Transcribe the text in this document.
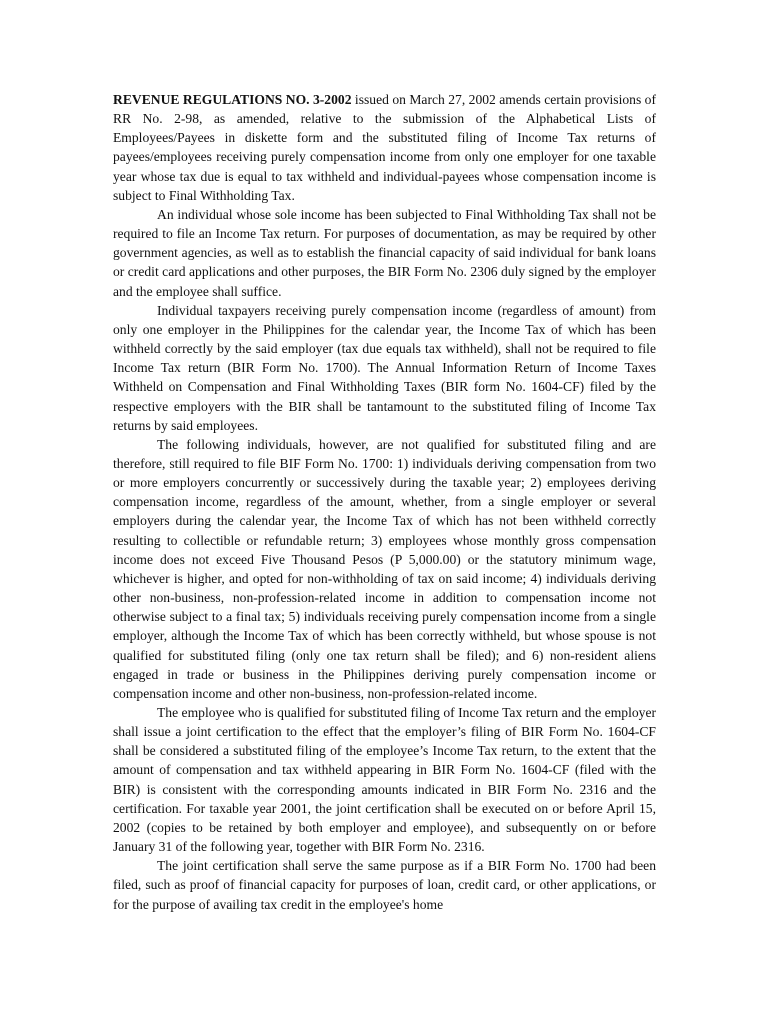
REVENUE REGULATIONS NO. 3-2002 issued on March 27, 2002 amends certain provisions of RR No. 2-98, as amended, relative to the submission of the Alphabetical Lists of Employees/Payees in diskette form and the substituted filing of Income Tax returns of payees/employees receiving purely compensation income from only one employer for one taxable year whose tax due is equal to tax withheld and individual-payees whose compensation income is subject to Final Withholding Tax.

An individual whose sole income has been subjected to Final Withholding Tax shall not be required to file an Income Tax return. For purposes of documentation, as may be required by other government agencies, as well as to establish the financial capacity of said individual for bank loans or credit card applications and other purposes, the BIR Form No. 2306 duly signed by the employer and the employee shall suffice.

Individual taxpayers receiving purely compensation income (regardless of amount) from only one employer in the Philippines for the calendar year, the Income Tax of which has been withheld correctly by the said employer (tax due equals tax withheld), shall not be required to file Income Tax return (BIR Form No. 1700). The Annual Information Return of Income Taxes Withheld on Compensation and Final Withholding Taxes (BIR form No. 1604-CF) filed by the respective employers with the BIR shall be tantamount to the substituted filing of Income Tax returns by said employees.

The following individuals, however, are not qualified for substituted filing and are therefore, still required to file BIF Form No. 1700: 1) individuals deriving compensation from two or more employers concurrently or successively during the taxable year; 2) employees deriving compensation income, regardless of the amount, whether, from a single employer or several employers during the calendar year, the Income Tax of which has not been withheld correctly resulting to collectible or refundable return; 3) employees whose monthly gross compensation income does not exceed Five Thousand Pesos (P 5,000.00) or the statutory minimum wage, whichever is higher, and opted for non-withholding of tax on said income; 4) individuals deriving other non-business, non-profession-related income in addition to compensation income not otherwise subject to a final tax; 5) individuals receiving purely compensation income from a single employer, although the Income Tax of which has been correctly withheld, but whose spouse is not qualified for substituted filing (only one tax return shall be filed); and 6) non-resident aliens engaged in trade or business in the Philippines deriving purely compensation income or compensation income and other non-business, non-profession-related income.

The employee who is qualified for substituted filing of Income Tax return and the employer shall issue a joint certification to the effect that the employer’s filing of BIR Form No. 1604-CF shall be considered a substituted filing of the employee’s Income Tax return, to the extent that the amount of compensation and tax withheld appearing in BIR Form No. 1604-CF (filed with the BIR) is consistent with the corresponding amounts indicated in BIR Form No. 2316 and the certification. For taxable year 2001, the joint certification shall be executed on or before April 15, 2002 (copies to be retained by both employer and employee), and subsequently on or before January 31 of the following year, together with BIR Form No. 2316.

The joint certification shall serve the same purpose as if a BIR Form No. 1700 had been filed, such as proof of financial capacity for purposes of loan, credit card, or other applications, or for the purpose of availing tax credit in the employee's home
